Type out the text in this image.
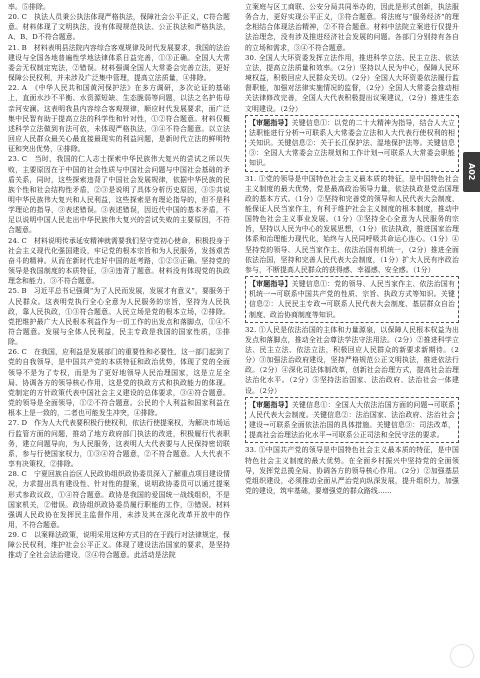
率。⑤排除。

20. C　执法人员秉公执法体现严格执法，保障社会公平正义，C符合题意。材料体现了文明执法，没有体现规范执法、公正执法和严格执法，A、B、D不符合题意。

21. B　材料表明县法院内容综合客观规律及时代发展要求，我国的法治建设与全国各地普遍性学地法律体系日益完善，①③正确。全国人大常委会无权制定宪法，②错误。材料强调全国人大常委会完善立法，更好保障公民权利，并未涉及广泛集中管理，提高立法质量，④排除。

22. A　《中华人民共和国黄河保护法》在多方调研，多次论证的基础上，直面水沙不平衡、水资源短缺、生态脆弱等问题，以法之名护佑母亲河安澜。这表明我县内容综合客观规律，顺应时代发展要求，面广泛集中民智有助于提高立法的科学性和针对性，①②符合题意。材料仅概述科学立法做到有法可依，未体现严格执法，③④不符合题意。以立法回应人民群众最关心最直接最现实的利益问题，是新时代立法的鲜明特征和突出优势，④排除。

23. C　当时，我国的仁人志士探索中华民族伟大复兴的尝试之所以失败，主要原因在于中国的社会性质与中国社会问题与中国社会基础的矛盾关系，同时，这些探索违背了中国社会发展规律，依据中华民族的民族个性和社会结构性矛盾，②③是说明了具体分析历史原因，③⑤共说明中华民族伟大复兴和人民利益，这些探索是有理论指导的，但不是科学理论的指导，③表述错误。③表述错误，因近代中国的基本矛盾，不足以说明中国人民走出中华民族伟大复兴的尝试失败的主要原因，不符合题意。

24. C　材料说明传承延安精神就需要我们坚守党初心使命，积极投身于社会主义现代化强国建设，牢记党的根本宗旨和为人民服务，发扬艰苦奋斗的精神。从而在新时代走好中国的赶考路，①②③正确。坚持党的领导是我国制度的本质特征，③④违背了题意。材料没有体现党的执政理念和能力，③不符合题意。

25. B　习近平总书记强调“为了人民而发展，发展才有意义”，要服务于人民群众。这表明党执行全心全意为人民服务的宗旨，坚持为人民执政，靠人民执政，①③符合题意。人民立场是党的根本立场，②排除。党把维护最广大人民根本利益作为一切工作的出发点和落脚点，①④不符合题意。发展与全体人民利益，民主专政是我国的国家性质，③排除。

26. C　在我国，应利益是发展部门的重要性和必要性，这一部门起到了党的自我领导，是中国共产党的本质特征和政治优势，体现了党的全面领导不是为了专权，而是为了更好地领导人民治理国家，这是立足全局、协调各方的领导核心作用，这是党的执政方式和执政能力的体现。党制定的方针政策代表中国社会主义建设的总体要求，③④符合题意。党的领导是全面领导，①②不符合题意。公民的个人利益和国家利益在根本上是一致的，二者也可能发生冲突，④排除。

27. D　作为人大代表要积极行使权利，依法行使提案权，为解决市场运行监管方面的问题，推动了地方政府部门执法的改进，积极履行代表职务，建立问题导向，为人民服务，这表明人大代表要与人民保持密切联系，参与行使国家权力，①③④符合题意，②不符合题意。人大代表不享有决策权，②排除。

28. C　宁夏回族自治区人民政协组织政协委员深入了解重点项目建设情况，力求提出具有建设性、针对性的提案，说明政协委员可以通过提案形式参政议政，①④符合题意。政协是我国的爱国统一战线组织，不是国家机关，②错误。政协组织政协委员履行职能的工作，③错误。材料强调人民政协在发挥民主监督作用，未涉及其在深化改革开放中的作用，不符合题意。

29. C　以案释法政策，说明采用这种方式目的在于践行对法律规定，保障公民权利，维护社会公平正义。体现了建设法治国家的要求，是坚持推动了全社会法治建设，③④符合题意。此活动是法院

立案庭与区工商联、公安分局共同举办的，因此是形式创新，执法服务合力，更好实现公平正义，③符合题意。将法庭与“服务经济”的理念相结合体现法治精神，②不符合题意。材料中法院立案进行仅提升法治理念，没有涉及推进经济社会发展的问题。各部门分别持有各自的立场和需求，③④不符合题意。

30. 全国人大环资委发挥立法作用，推进科学立法、民主立法、依法立法，提高立法质量和效率。（2分）坚持以人民为中心，保障人民环境权益，积极回应人民群众关切。（2分）全国人大环资委依法履行监督职能，加强对法律实施情况的监督，（2分）全国人大常委会推动相关法律修改完善，全国人大代表积极提出议案建议，（2分）推进生态文明建设。（2分）

【审题指导】关键信息①：以党的二十大精神为指导，结合人大立法职能进行分析→可联系人大常委会立法和人大代表行使权利的相关知识。关键信息②：关于长江保护法、湿地保护法等。关键信息③：全国人大常委会立法规划和工作计划→可联系人大常委会职能知识。

31. ①党的领导是中国特色社会主义最本质的特征，是中国特色社会主义制度的最大优势，党是最高政治领导力量，依法执政是党治国理政的基本方式。（1分）②坚持和完善党的领导和人民代表大会制度，能保证人民当家作主，有利于维护社会主义制度的根本制度，推动中国特色社会主义事业发展。（1分）③坚持全心全意为人民服务的宗旨，坚持以人民为中心的发展思想，（1分）依法执政，推进国家治理体系和治理能力现代化，始终与人民同呼吸共命运心连心。（1分）④坚持党的领导、人民当家作主、依法治国有机统一，（2分）推进全面依法治国，坚持和完善人民代表大会制度，（1分）扩大人民有序政治参与，不断提高人民群众的获得感、幸福感、安全感。（1分）

【审题指导】关键信息①：党的领导、人民当家作主、依法治国有机统一→可联系中国共产党的性质、宗旨、执政方式等知识。关键信息②：人民民主专政→可联系人民代表大会制度、基层群众自治制度、政治协商制度等知识。

32. ①人民是依法治国的主体和力量源泉，以保障人民根本权益为出发点和落脚点，推动全社会尊法学法守法用法。（2分）②推进科学立法、民主立法、依法立法，积极回应人民群众的新要求新期待。（2分）③加强法治政府建设，坚持严格规范公正文明执法，推进依法行政。（2分）④深化司法体制改革，创新社会治理方式，提高社会治理法治化水平。（2分）⑤坚持法治国家、法治政府、法治社会一体建设。（2分）

【审题指导】关键信息①：全国人大依法治国方面的问题→可联系人民代表大会制度。关键信息②：法治国家、法治政府、法治社会建设→可联系全面依法治国的具体措施。关键信息③：司法改革，提高社会治理法治化水平→可联系公正司法和全民守法的要求。

33. ①中国共产党的领导是中国特色社会主义最本质的特征，是中国特色社会主义制度的最大优势。在全面乡村振兴中坚持党的全面领导，发挥党总揽全局、协调各方的领导核心作用。（2分）②加强基层党组织建设，必须推动全面从严治党向纵深发展，提升组织力，加强党的建设，筑牢基础，要增强党的群众路线……

A02
